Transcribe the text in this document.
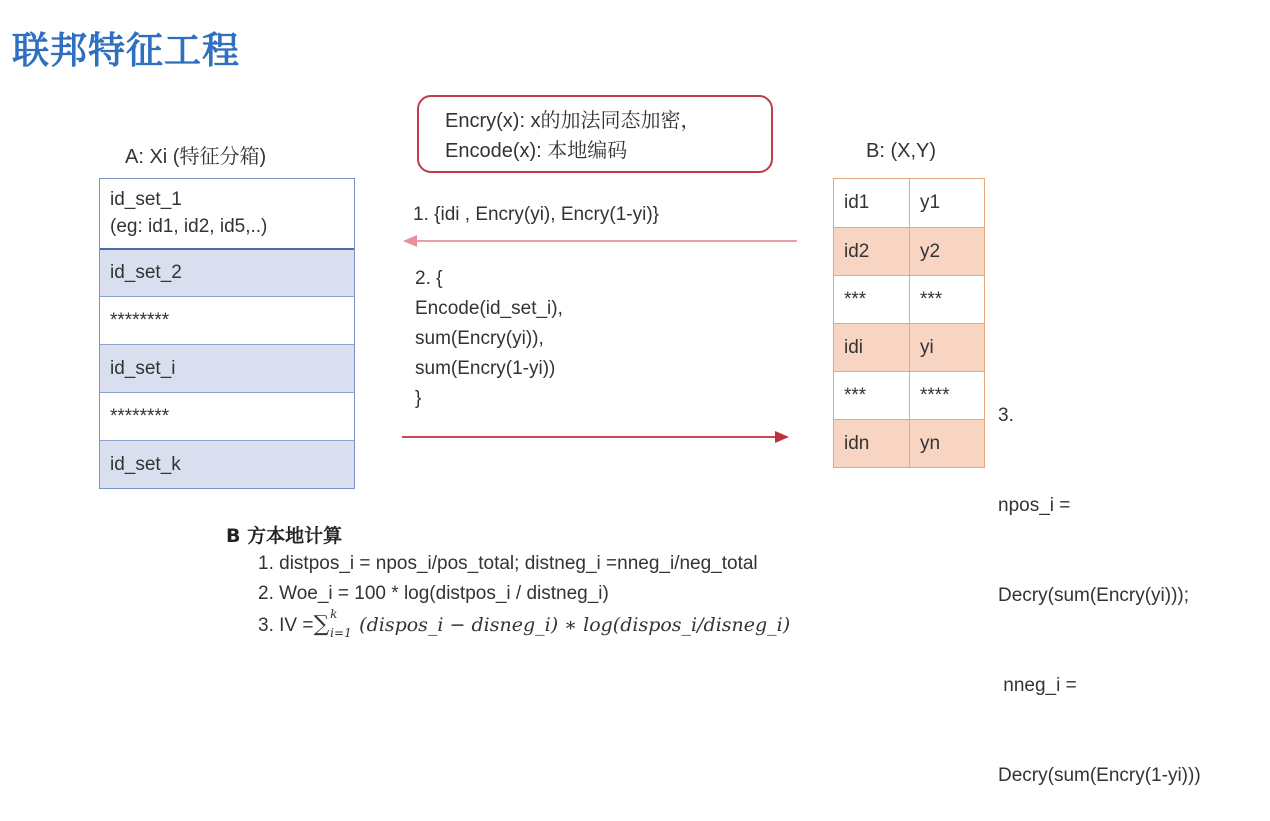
联邦特征工程
Encry(x): x的加法同态加密，
Encode(x): 本地编码
A: Xi (特征分箱)	B: (X,Y)
id_set_1
(eg: id1, id2, id5,..)
id_set_2
********
id_set_i
********
id_set_k
id1	y1
id2	y2
***	***
idi	yi
***	****
idn	yn
1. {idi , Encry(yi), Encry(1-yi)}
2. {
Encode(id_set_i),
sum(Encry(yi)),
sum(Encry(1-yi))
}

3.

npos_i =

Decry(sum(Encry(yi)));

nneg_i =

Decry(sum(Encry(1-yi)))

B 方本地计算
1. distpos_i = npos_i/pos_total; distneg_i =nneg_i/neg_total
2. Woe_i = 100 * log(distpos_i / distneg_i)
3. IV =∑ k
i=1 (dispos_i − disneg_i) ∗ log(dispos_i/disneg_i)
